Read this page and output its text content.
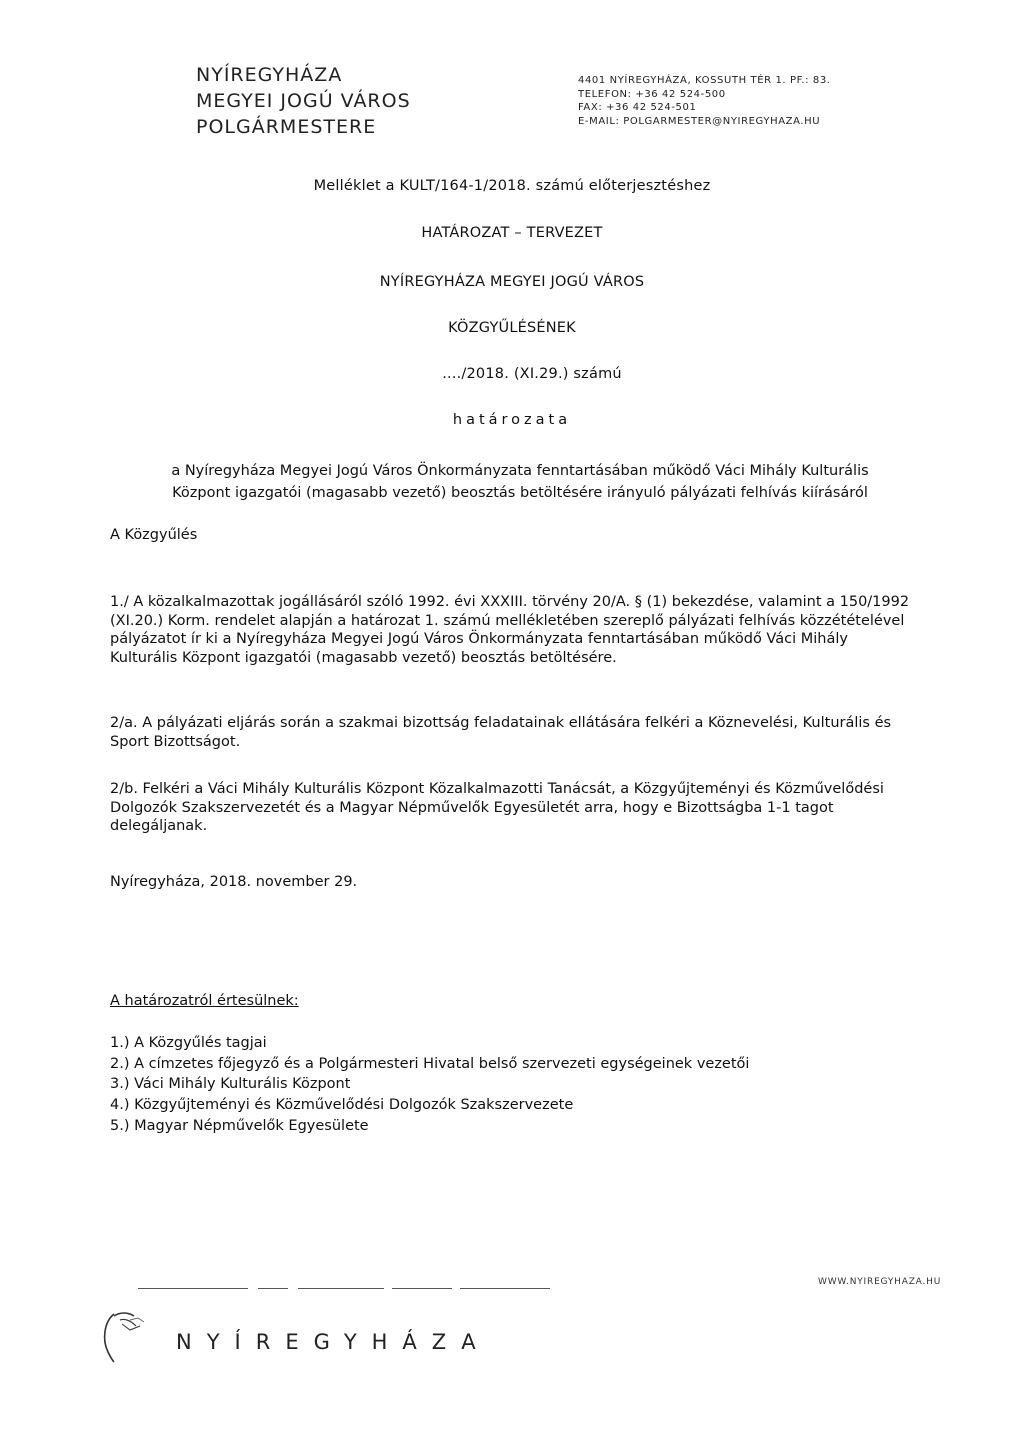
NYÍREGYHÁZA
MEGYEI JOGÚ VÁROS
POLGÁRMESTERE
4401 NYÍREGYHÁZA, KOSSUTH TÉR 1. PF.: 83.
TELEFON: +36 42 524-500
FAX: +36 42 524-501
E-MAIL: POLGARMESTER@NYIREGYHAZA.HU
Melléklet a KULT/164-1/2018. számú előterjesztéshez
HATÁROZAT – TERVEZET
NYÍREGYHÁZA MEGYEI JOGÚ VÁROS
KÖZGYŰLÉSÉNEK
..../2018. (XI.29.) számú
határozata
a Nyíregyháza Megyei Jogú Város Önkormányzata fenntartásában működő Váci Mihály Kulturális
Központ igazgatói (magasabb vezető) beosztás betöltésére irányuló pályázati felhívás kiírásáról
A Közgyűlés
1./ A közalkalmazottak jogállásáról szóló 1992. évi XXXIII. törvény 20/A. § (1) bekezdése, valamint a 150/1992
(XI.20.) Korm. rendelet alapján a határozat 1. számú mellékletében szereplő pályázati felhívás közzétételével
pályázatot ír ki a Nyíregyháza Megyei Jogú Város Önkormányzata fenntartásában működő Váci Mihály
Kulturális Központ igazgatói (magasabb vezető) beosztás betöltésére.
2/a. A pályázati eljárás során a szakmai bizottság feladatainak ellátására felkéri a Köznevelési, Kulturális és
Sport Bizottságot.
2/b. Felkéri a Váci Mihály Kulturális Központ Közalkalmazotti Tanácsát, a Közgyűjteményi és Közművelődési
Dolgozók Szakszervezetét és a Magyar Népművelők Egyesületét arra, hogy e Bizottságba 1-1 tagot
delegáljanak.
Nyíregyháza, 2018. november 29.
A határozatról értesülnek:
1.) A Közgyűlés tagjai
2.) A címzetes főjegyző és a Polgármesteri Hivatal belső szervezeti egységeinek vezetői
3.) Váci Mihály Kulturális Központ
4.) Közgyűjteményi és Közművelődési Dolgozók Szakszervezete
5.) Magyar Népművelők Egyesülete
WWW.NYIREGYHAZA.HU
NYÍREGYHÁZA
